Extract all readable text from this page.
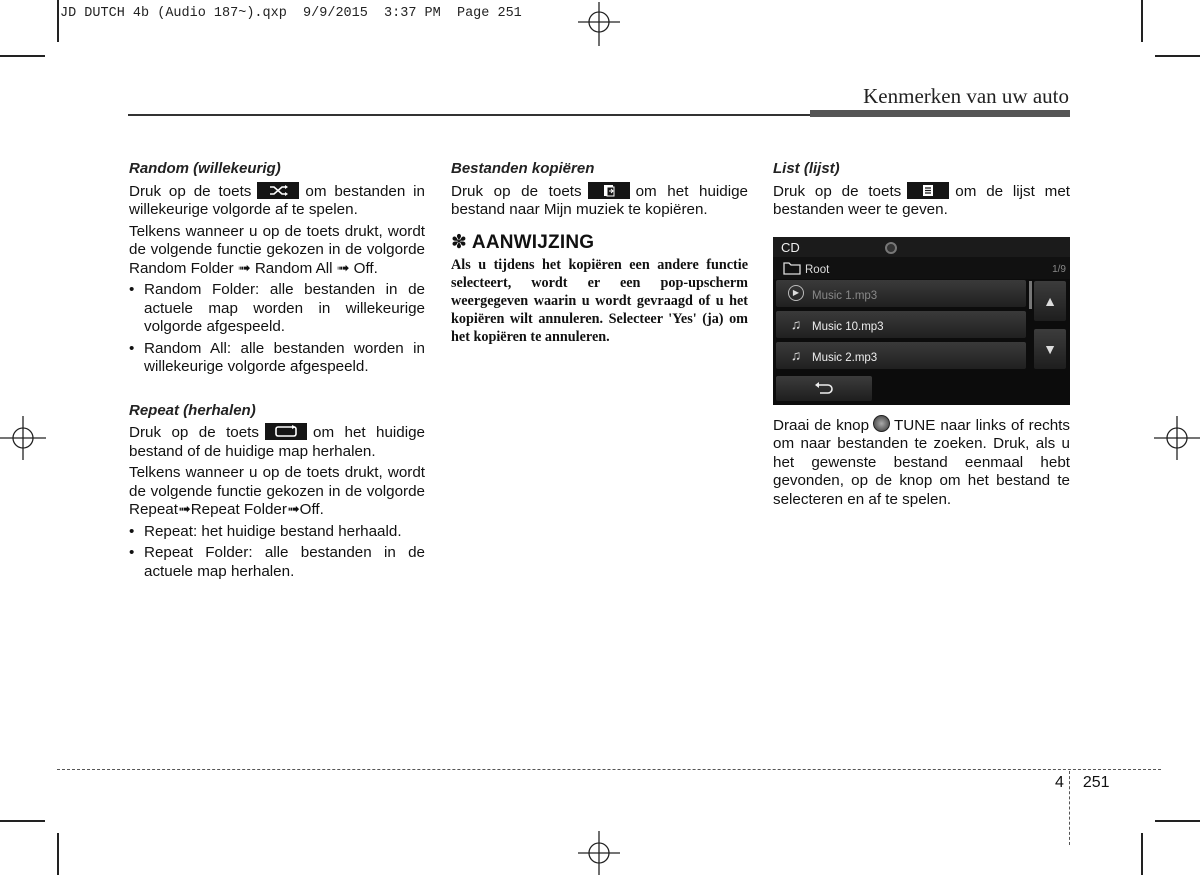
JD DUTCH 4b (Audio 187~).qxp  9/9/2015  3:37 PM  Page 251
Kenmerken van uw auto

Random (willekeurig)

Druk op de toets	om bestanden in willekeurige volgorde af te spelen.

Telkens wanneer u op de toets drukt, wordt de volgende functie gekozen in de volgorde Random Folder ➟ Random All ➟ Off.

• Random Folder: alle bestanden in de actuele map worden in willekeurige volgorde afgespeeld.
• Random All: alle bestanden worden in willekeurige volgorde afgespeeld.

Repeat (herhalen)

Druk op de toets	om het huidige bestand of de huidige map herhalen.

Telkens wanneer u op de toets drukt, wordt de volgende functie gekozen in de volgorde Repeat➟Repeat Folder➟Off.

• Repeat: het huidige bestand herhaald.
• Repeat Folder: alle bestanden in de actuele map herhalen.

Bestanden kopiëren

Druk op de toets	om het huidige bestand naar Mijn muziek te kopiëren.

✽ AANWIJZING

Als u tijdens het kopiëren een andere functie selecteert, wordt er een pop-upscherm weergegeven waarin u wordt gevraagd of u het kopiëren wilt annuleren. Selecteer 'Yes' (ja) om het kopiëren te annuleren.

List (lijst)

Druk op de toets	om de lijst met bestanden weer te geven.

CD
Root	1/9
▶	Music 1.mp3
♫ Music 10.mp3
♫ Music 2.mp3
▲
▼

Draai de knop TUNE naar links of rechts om naar bestanden te zoeken. Druk, als u het gewenste bestand eenmaal hebt gevonden, op de knop om het bestand te selecteren en af te spelen.

4 251
